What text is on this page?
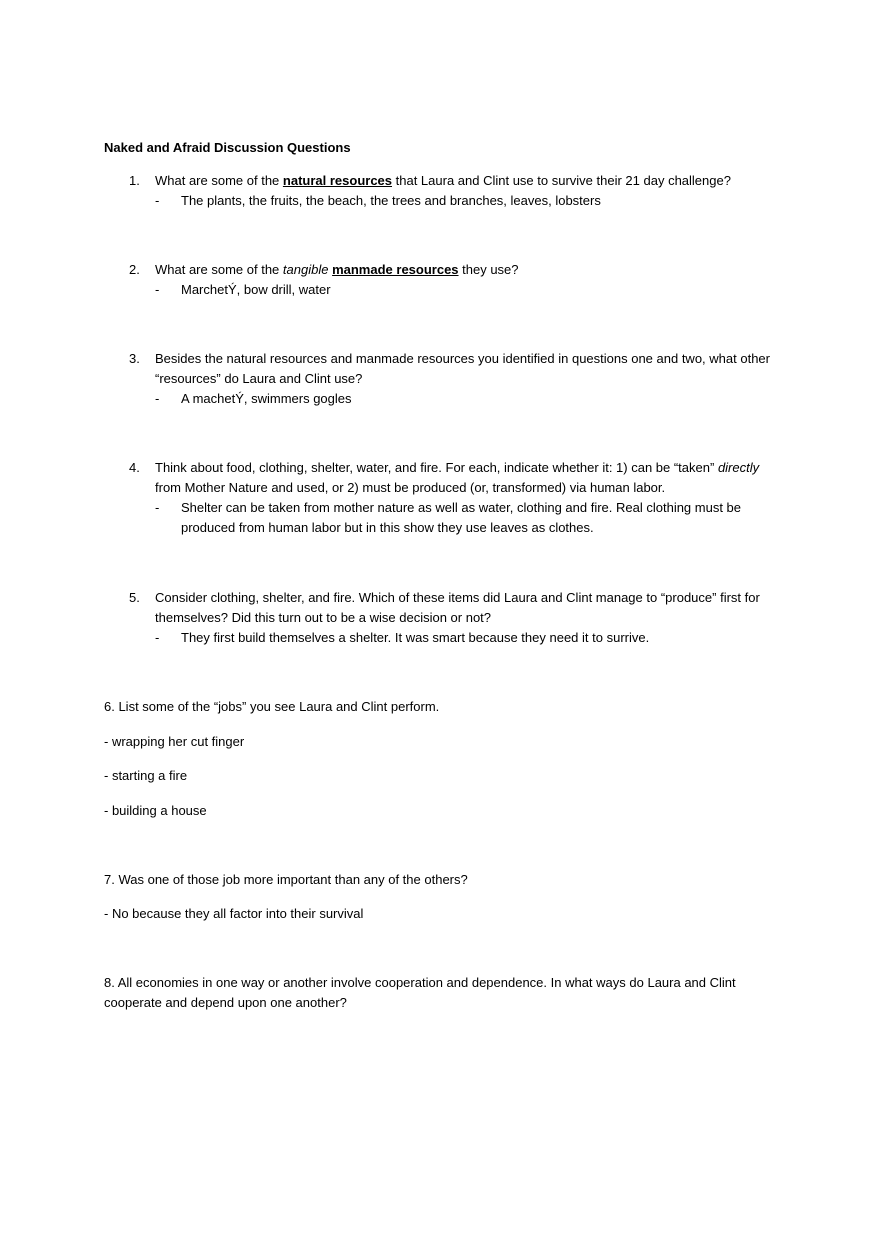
Naked and Afraid Discussion Questions
1. What are some of the natural resources that Laura and Clint use to survive their 21 day challenge?
- The plants, the fruits, the beach, the trees and branches, leaves, lobsters
2. What are some of the tangible manmade resources they use?
- MarchetÝ, bow drill, water
3. Besides the natural resources and manmade resources you identified in questions one and two, what other “resources” do Laura and Clint use?
- A machetÝ, swimmers gogles
4. Think about food, clothing, shelter, water, and fire. For each, indicate whether it: 1) can be “taken” directly from Mother Nature and used, or 2) must be produced (or, transformed) via human labor.
- Shelter can be taken from mother nature as well as water, clothing and fire. Real clothing must be produced from human labor but in this show they use leaves as clothes.
5. Consider clothing, shelter, and fire. Which of these items did Laura and Clint manage to “produce” first for themselves? Did this turn out to be a wise decision or not?
- They first build themselves a shelter. It was smart because they need it to surrive.
6. List some of the “jobs” you see Laura and Clint perform.
- wrapping her cut finger
- starting a fire
- building a house
7. Was one of those job more important than any of the others?
- No because they all factor into their survival
8. All economies in one way or another involve cooperation and dependence. In what ways do Laura and Clint cooperate and depend upon one another?
